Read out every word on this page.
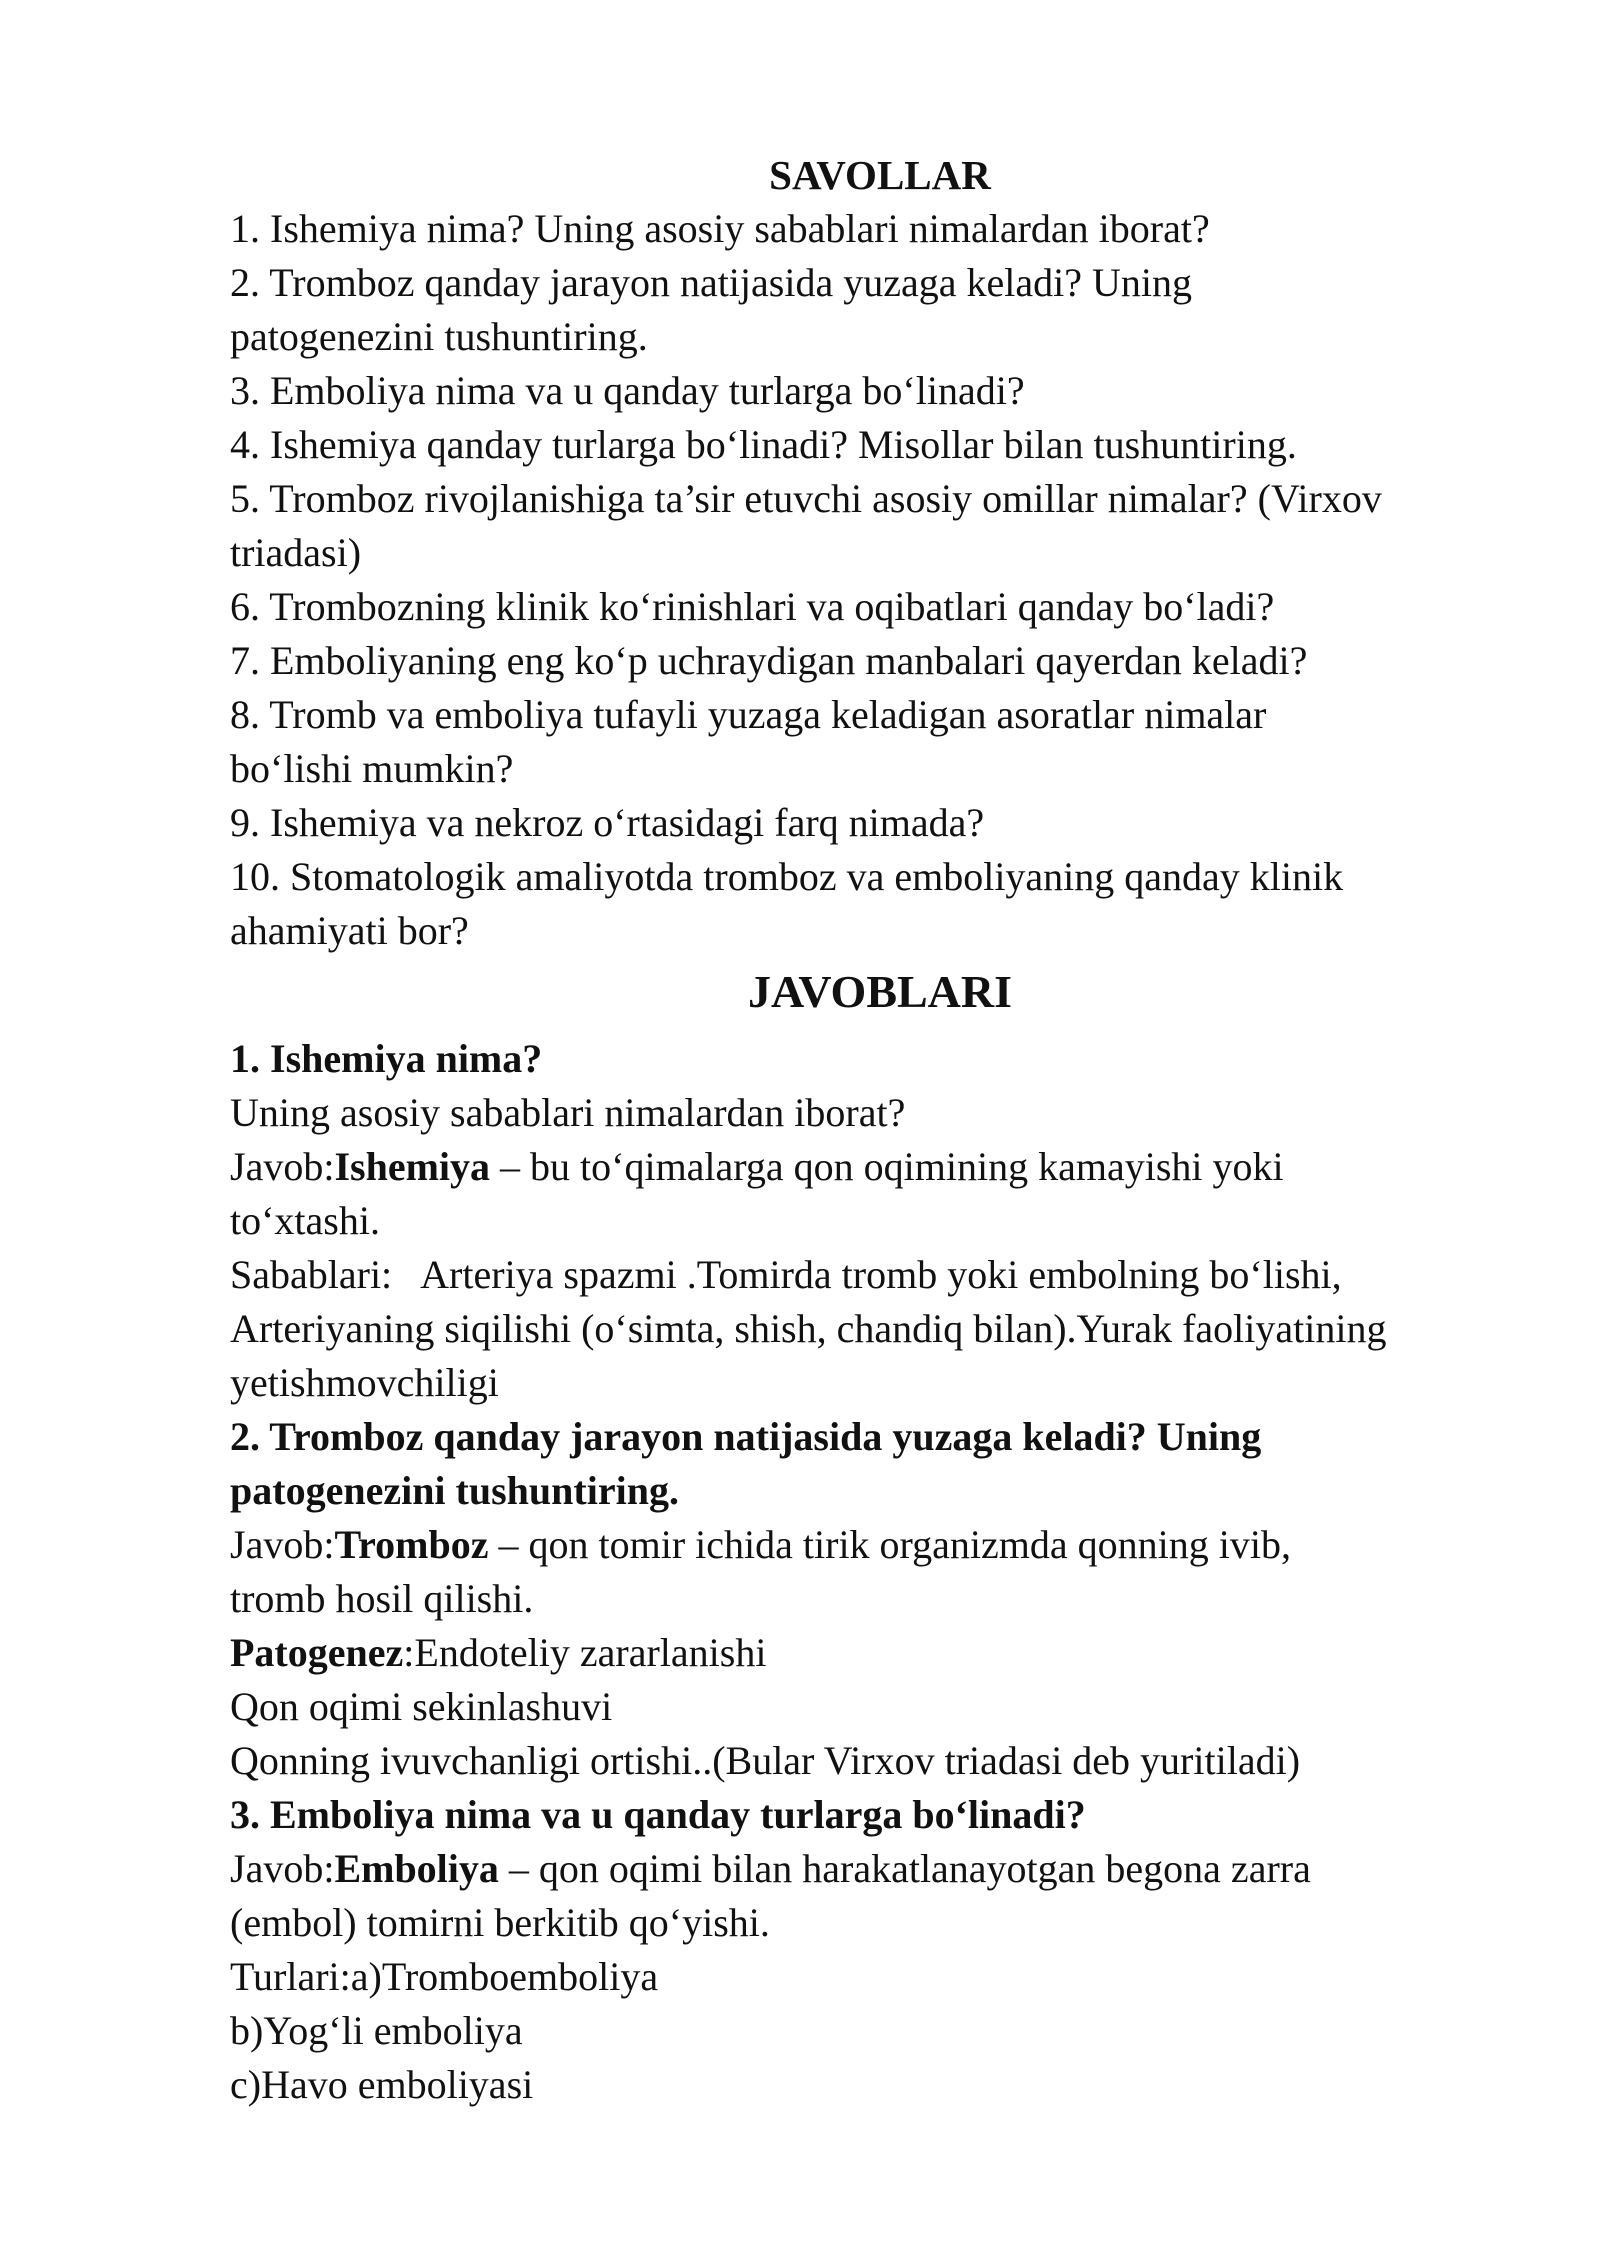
SAVOLLAR

1. Ishemiya nima? Uning asosiy sabablari nimalardan iborat?

2. Tromboz qanday jarayon natijasida yuzaga keladi? Uning

patogenezini tushuntiring.

3. Emboliya nima va u qanday turlarga bo‘linadi?

4. Ishemiya qanday turlarga bo‘linadi? Misollar bilan tushuntiring.

5. Tromboz rivojlanishiga ta’sir etuvchi asosiy omillar nimalar? (Virxov

triadasi)

6. Trombozning klinik ko‘rinishlari va oqibatlari qanday bo‘ladi?

7. Emboliyaning eng ko‘p uchraydigan manbalari qayerdan keladi?

8. Tromb va emboliya tufayli yuzaga keladigan asoratlar nimalar

bo‘lishi mumkin?

9. Ishemiya va nekroz o‘rtasidagi farq nimada?

10. Stomatologik amaliyotda tromboz va emboliyaning qanday klinik

ahamiyati bor?

JAVOBLARI

1. Ishemiya nima?

Uning asosiy sabablari nimalardan iborat?

Javob:Ishemiya – bu to‘qimalarga qon oqimining kamayishi yoki

to‘xtashi.

Sabablari: Arteriya spazmi .Tomirda tromb yoki embolning bo‘lishi,

Arteriyaning siqilishi (o‘simta, shish, chandiq bilan).Yurak faoliyatining

yetishmovchiligi

2. Tromboz qanday jarayon natijasida yuzaga keladi? Uning

patogenezini tushuntiring.

Javob:Tromboz – qon tomir ichida tirik organizmda qonning ivib,

tromb hosil qilishi.

Patogenez:Endoteliy zararlanishi

Qon oqimi sekinlashuvi

Qonning ivuvchanligi ortishi..(Bular Virxov triadasi deb yuritiladi)

3. Emboliya nima va u qanday turlarga bo‘linadi?

Javob:Emboliya – qon oqimi bilan harakatlanayotgan begona zarra

(embol) tomirni berkitib qo‘yishi.

Turlari:a)Tromboemboliya

b)Yog‘li emboliya

c)Havo emboliyasi
